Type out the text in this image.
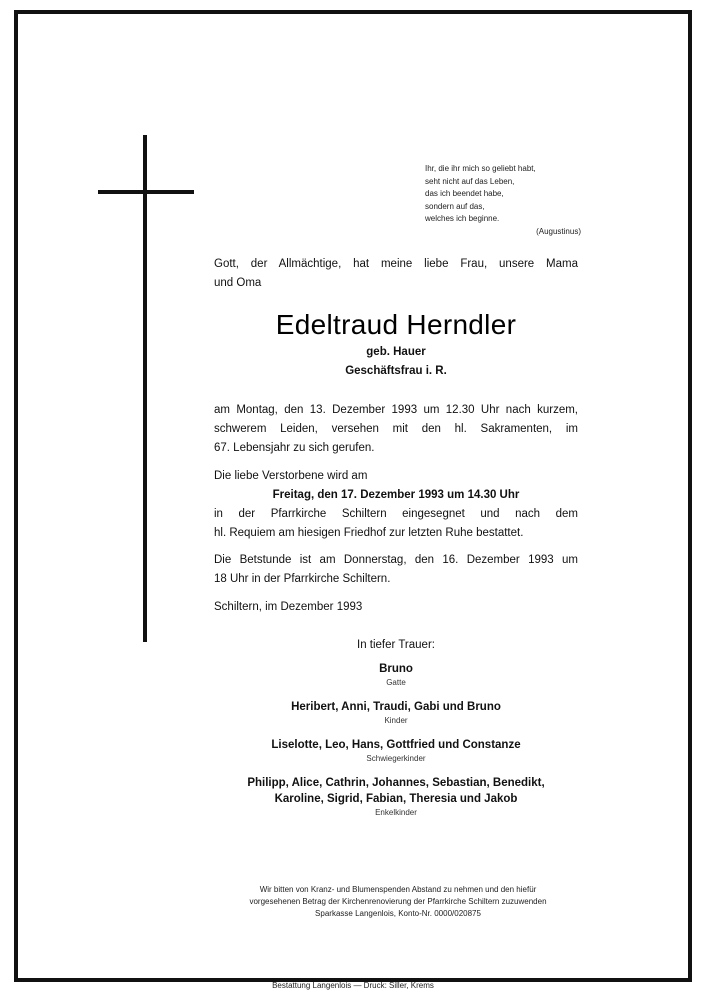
Ihr, die ihr mich so geliebt habt,
seht nicht auf das Leben,
das ich beendet habe,
sondern auf das,
welches ich beginne.
(Augustinus)
Gott, der Allmächtige, hat meine liebe Frau, unsere Mama
und Oma
Edeltraud Herndler
geb. Hauer
Geschäftsfrau i. R.
am Montag, den 13. Dezember 1993 um 12.30 Uhr nach kurzem,
schwerem Leiden, versehen mit den hl. Sakramenten, im
67. Lebensjahr zu sich gerufen.
Die liebe Verstorbene wird am
Freitag, den 17. Dezember 1993 um 14.30 Uhr
in der Pfarrkirche Schiltern eingesegnet und nach dem
hl. Requiem am hiesigen Friedhof zur letzten Ruhe bestattet.
Die Betstunde ist am Donnerstag, den 16. Dezember 1993 um
18 Uhr in der Pfarrkirche Schiltern.
Schiltern, im Dezember 1993
In tiefer Trauer:
Bruno
Gatte
Heribert, Anni, Traudi, Gabi und Bruno
Kinder
Liselotte, Leo, Hans, Gottfried und Constanze
Schwiegerkinder
Philipp, Alice, Cathrin, Johannes, Sebastian, Benedikt,
Karoline, Sigrid, Fabian, Theresia und Jakob
Enkelkinder
Wir bitten von Kranz- und Blumenspenden Abstand zu nehmen und den hiefür
vorgesehenen Betrag der Kirchenrenovierung der Pfarrkirche Schiltern zuzuwenden
Sparkasse Langenlois, Konto-Nr. 0000/020875
Bestattung Langenlois — Druck: Siller, Krems
